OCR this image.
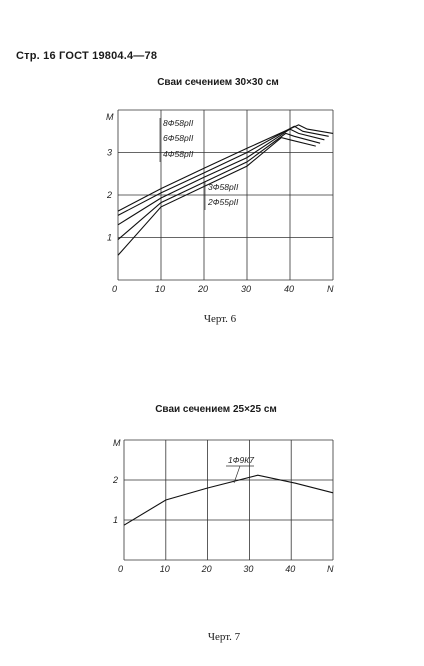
Стр. 16 ГОСТ 19804.4—78
Сваи сечением 30×30 см
Сваи сечением 25×25 см
Черт. 6
Черт. 7
0	10	20	30	40	N
1
2
3
M
8Ф58рII
6Ф58рII
4Ф58рII
3Ф58рII
2Ф55рII
0	10	20	30	40	N
1
2
M
1Ф9К7
